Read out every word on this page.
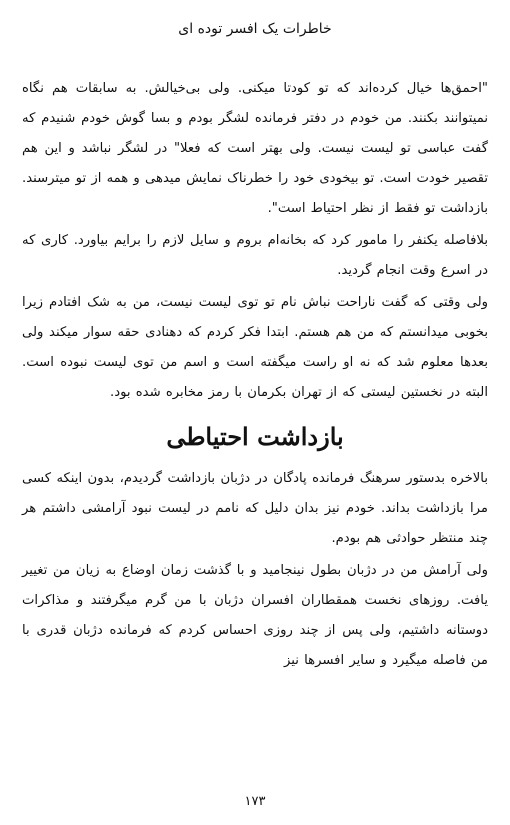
خاطرات یک افسر توده ای

"احمق‌ها خیال کرده‌اند که تو کودتا میکنی. ولی بی‌خیالش. به سابقات هم نگاه نمیتوانند بکنند. من خودم در دفتر فرمانده لشگر بودم و بسا گوش خودم شنیدم که گفت عباسی تو لیست نیست. ولی بهتر است که فعلا" در لشگر نباشد و این هم تقصیر خودت است. تو بیخودی خود را خطرناک نمایش میدهی و همه از تو میترسند. بازداشت تو فقط از نظر احتیاط است".

بلافاصله یکنفر را مامور کرد که بخانه‌ام بروم و سایل لازم را برایم بیاورد. کاری که در اسرع وقت انجام گردید.

ولی وقتی که گفت ناراحت نباش نام تو توی لیست نیست، من به شک افتادم زیرا بخوبی میدانستم که من هم هستم. ابتدا فکر کردم که دهنادی حقه سوار میکند ولی بعدها معلوم شد که نه او راست میگفته است و اسم من توی لیست نبوده است. البته در نخستین لیستی که از تهران بکرمان با رمز مخابره شده بود.

بازداشت احتیاطی

بالاخره بدستور سرهنگ فرمانده پادگان در دژبان بازداشت گردیدم، بدون اینکه کسی مرا بازداشت بداند. خودم نیز بدان دلیل که نامم در لیست نبود آرامشی داشتم هر چند منتظر حوادثی هم بودم.

ولی آرامش من در دژبان بطول نینجامید و با گذشت زمان اوضاع به زیان من تغییر یافت. روزهای نخست همقطاران افسران دژبان با من گرم میگرفتند و مذاکرات دوستانه داشتیم، ولی پس از چند روزی احساس کردم که فرمانده دژبان قدری با من فاصله میگیرد و سایر افسرها نیز

۱۷۳
